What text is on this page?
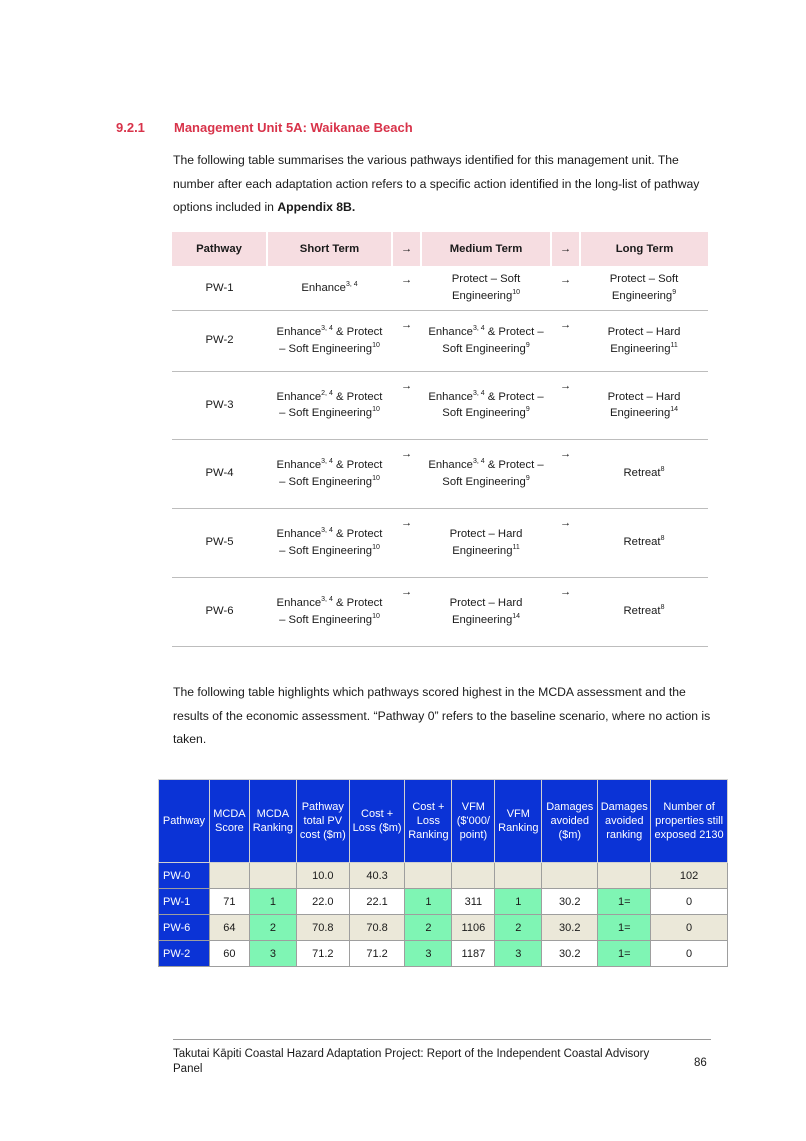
9.2.1 Management Unit 5A: Waikanae Beach
The following table summarises the various pathways identified for this management unit. The number after each adaptation action refers to a specific action identified in the long-list of pathway options included in Appendix 8B.
Pathway	Short Term	→	Medium Term	→	Long Term
PW-1	Enhance$^{3, 4}$	→	Protect – Soft Engineering$^{10}$	→	Protect – Soft Engineering$^9$
PW-2	Enhance$^{3, 4}$ & Protect – Soft Engineering$^{10}$	→	Enhance$^{3, 4}$ & Protect – Soft Engineering$^9$	→	Protect – Hard Engineering$^{11}$
PW-3	Enhance$^{2, 4}$ & Protect – Soft Engineering$^{10}$	→	Enhance$^{3, 4}$ & Protect – Soft Engineering$^9$	→	Protect – Hard Engineering$^{14}$
PW-4	Enhance$^{3, 4}$ & Protect – Soft Engineering$^{10}$	→	Enhance$^{3, 4}$ & Protect – Soft Engineering$^9$	→	Retreat$^8$
PW-5	Enhance$^{3, 4}$ & Protect – Soft Engineering$^{10}$	→	Protect – Hard Engineering$^{11}$	→	Retreat$^8$
PW-6	Enhance$^{3, 4}$ & Protect – Soft Engineering$^{10}$	→	Protect – Hard Engineering$^{14}$	→	Retreat$^8$
The following table highlights which pathways scored highest in the MCDA assessment and the results of the economic assessment. “Pathway 0” refers to the baseline scenario, where no action is taken.
Pathway	MCDA Score	MCDA Ranking	Pathway total PV cost ($m)	Cost + Loss ($m)	Cost + Loss Ranking	VFM ($'000/ point)	VFM Ranking	Damages avoided ($m)	Damages avoided ranking	Number of properties still exposed 2130
PW-0			10.0	40.3						102
PW-1	71	1	22.0	22.1	1	311	1	30.2	1=	0
PW-6	64	2	70.8	70.8	2	1106	2	30.2	1=	0
PW-2	60	3	71.2	71.2	3	1187	3	30.2	1=	0
Takutai Kāpiti Coastal Hazard Adaptation Project: Report of the Independent Coastal Advisory Panel	86
